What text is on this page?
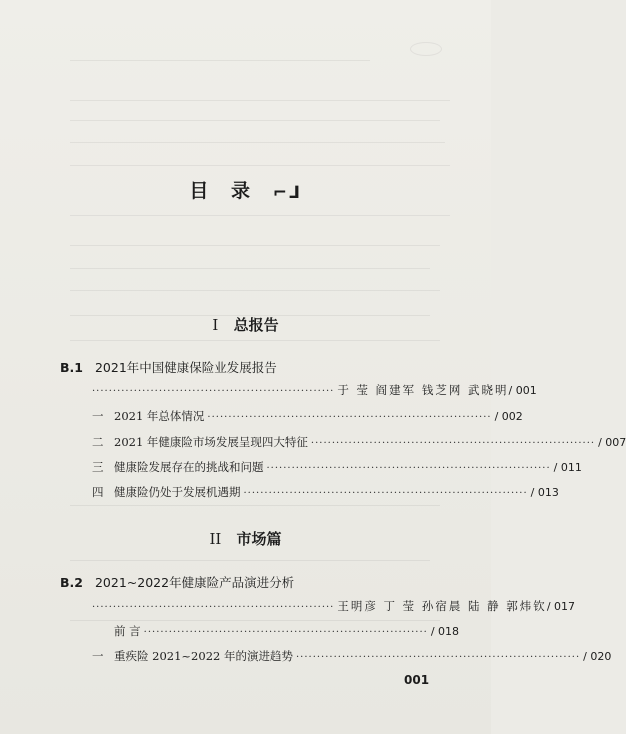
目 录 ⌐⅃
I 总报告
B.1 2021年中国健康保险业发展报告
·························································· 于 莹 阎建军 钱芝网 武晓明 / 001
一 2021 年总体情况 ···································································· / 002
二 2021 年健康险市场发展呈现四大特征 ···································································· / 007
三 健康险发展存在的挑战和问题 ···································································· / 011
四 健康险仍处于发展机遇期 ···································································· / 013
II 市场篇
B.2 2021~2022年健康险产品演进分析
·························································· 王明彦 丁 莹 孙宿晨 陆 静 郭炜钦 / 017
前 言 ···································································· / 018
一 重疾险 2021~2022 年的演进趋势 ···································································· / 020
001
